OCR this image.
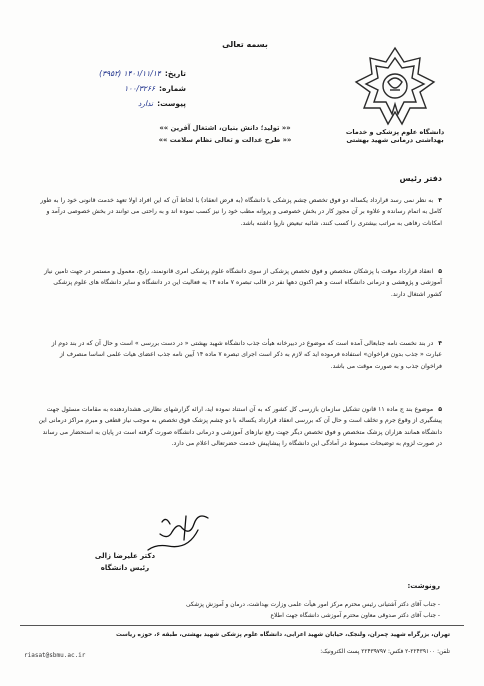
بسمه تعالی
دانشگاه علوم پزشکی و خدمات بهداشتی درمانی شهید بهشتی
تاریخ:
۱۴۰۱/۱۱/۱۴ (۳۹۵۲)
شماره:
۱۰۰/۳۲۶۶
پیوست:
ندارد
«« تولید؛ دانش بنیان، اشتغال آفرین »»
«« طرح عدالت و تعالی نظام سلامت »»
دفتر رئیس
۴ به نظر نمی رسد قرارداد یکساله دو فوق تخصص چشم پزشکی با دانشگاه (به فرض انعقاد) با لحاظ آن که این افراد اولا تعهد خدمت قانونی خود را به طور کامل به اتمام رسانده و علاوه بر آن مجوز کار در بخش خصوصی و پروانه مطب خود را نیز کسب نموده اند و به راحتی می توانند در بخش خصوصی درآمد و امکانات رفاهی به مراتب بیشتری را کسب کنند، شائبه تبعیض ناروا داشته باشد.
۵ انعقاد قرارداد موقت با پزشکان متخصص و فوق تخصص پزشکی از سوی دانشگاه علوم پزشکی امری قانونمند، رایج، معمول و مستمر در جهت تامین نیاز آموزشی و پژوهشی و درمانی دانشگاه است و هم اکنون دهها نفر در قالب تبصره ۷ ماده ۱۴ به فعالیت این در دانشگاه و سایر دانشگاه های علوم پزشکی کشور اشتغال دارند.
۴ در بند نخست نامه جنابعالی آمده است که موضوع در دبیرخانه هیأت جذب دانشگاه شهید بهشتی « در دست بررسی » است و حال آن که در بند دوم از عبارت « جذب بدون فراخوان» استفاده فرموده اید که لازم به ذکر است اجرای تبصره ۷ ماده ۱۴ آیین نامه جذب اعضای هیات علمی اساسا منصرف از فراخوان جذب و به صورت موقت می باشد.
۵ موضوع بند ج ماده ۱۱ قانون تشکیل سازمان بازرسی کل کشور که به آن استناد نموده اید، ارائه گزارشهای نظارتی هشداردهنده به مقامات مسئول جهت پیشگیری از وقوع جرم و تخلف است و حال آن که بررسی انعقاد قرارداد یکساله با دو چشم پزشک فوق تخصص به موجب نیاز قطعی و مبرم مراکز درمانی این دانشگاه همانند هزاران پزشک متخصص و فوق تخصص دیگر جهت رفع نیازهای آموزشی و درمانی دانشگاه صورت گرفته است در پایان به استحضار می رساند در صورت لزوم به توضیحات مبسوط در آمادگی این دانشگاه را پیشاپیش خدمت حضرتعالی اعلام می دارد.
دکتر علیرضا زالی
رئیس دانشگاه
رونوشت:
- جناب آقای دکتر آشتیانی رئیس محترم مرکز امور هیأت علمی وزارت بهداشت، درمان و آموزش پزشکی
- جناب آقای دکتر صدوقی معاون محترم آموزشی دانشگاه جهت اطلاع
تهران، بزرگراه شهید چمران، ولنجک، خیابان شهید اعرابی، دانشگاه علوم پزشکی شهید بهشتی، طبقه ۶، حوزه ریاست
تلفن: ۲۲۴۳۹۱۰۰-۲ فکس: ۲۲۴۳۹۷۹۷ پست الکترونیک:
riasat@sbmu.ac.ir
